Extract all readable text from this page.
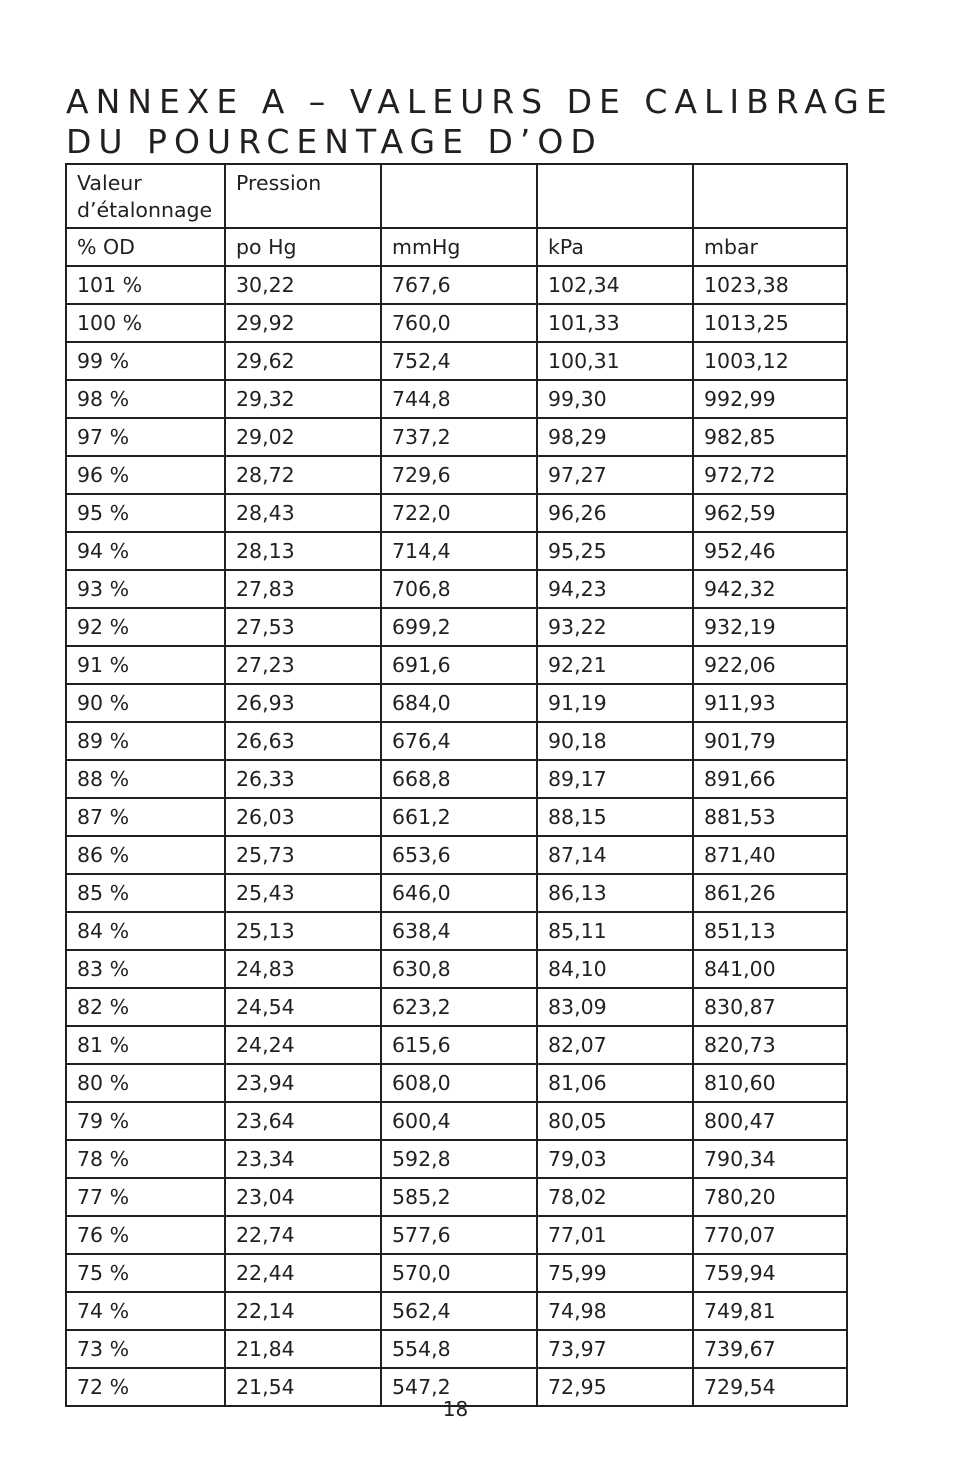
ANNEXE A – VALEURS DE CALIBRAGE
DU POURCENTAGE D’OD
Valeur d’étalonnage	Pression			
% OD	po Hg	mmHg	kPa	mbar
101 %	30,22	767,6	102,34	1023,38
100 %	29,92	760,0	101,33	1013,25
99 %	29,62	752,4	100,31	1003,12
98 %	29,32	744,8	99,30	992,99
97 %	29,02	737,2	98,29	982,85
96 %	28,72	729,6	97,27	972,72
95 %	28,43	722,0	96,26	962,59
94 %	28,13	714,4	95,25	952,46
93 %	27,83	706,8	94,23	942,32
92 %	27,53	699,2	93,22	932,19
91 %	27,23	691,6	92,21	922,06
90 %	26,93	684,0	91,19	911,93
89 %	26,63	676,4	90,18	901,79
88 %	26,33	668,8	89,17	891,66
87 %	26,03	661,2	88,15	881,53
86 %	25,73	653,6	87,14	871,40
85 %	25,43	646,0	86,13	861,26
84 %	25,13	638,4	85,11	851,13
83 %	24,83	630,8	84,10	841,00
82 %	24,54	623,2	83,09	830,87
81 %	24,24	615,6	82,07	820,73
80 %	23,94	608,0	81,06	810,60
79 %	23,64	600,4	80,05	800,47
78 %	23,34	592,8	79,03	790,34
77 %	23,04	585,2	78,02	780,20
76 %	22,74	577,6	77,01	770,07
75 %	22,44	570,0	75,99	759,94
74 %	22,14	562,4	74,98	749,81
73 %	21,84	554,8	73,97	739,67
72 %	21,54	547,2	72,95	729,54
18
